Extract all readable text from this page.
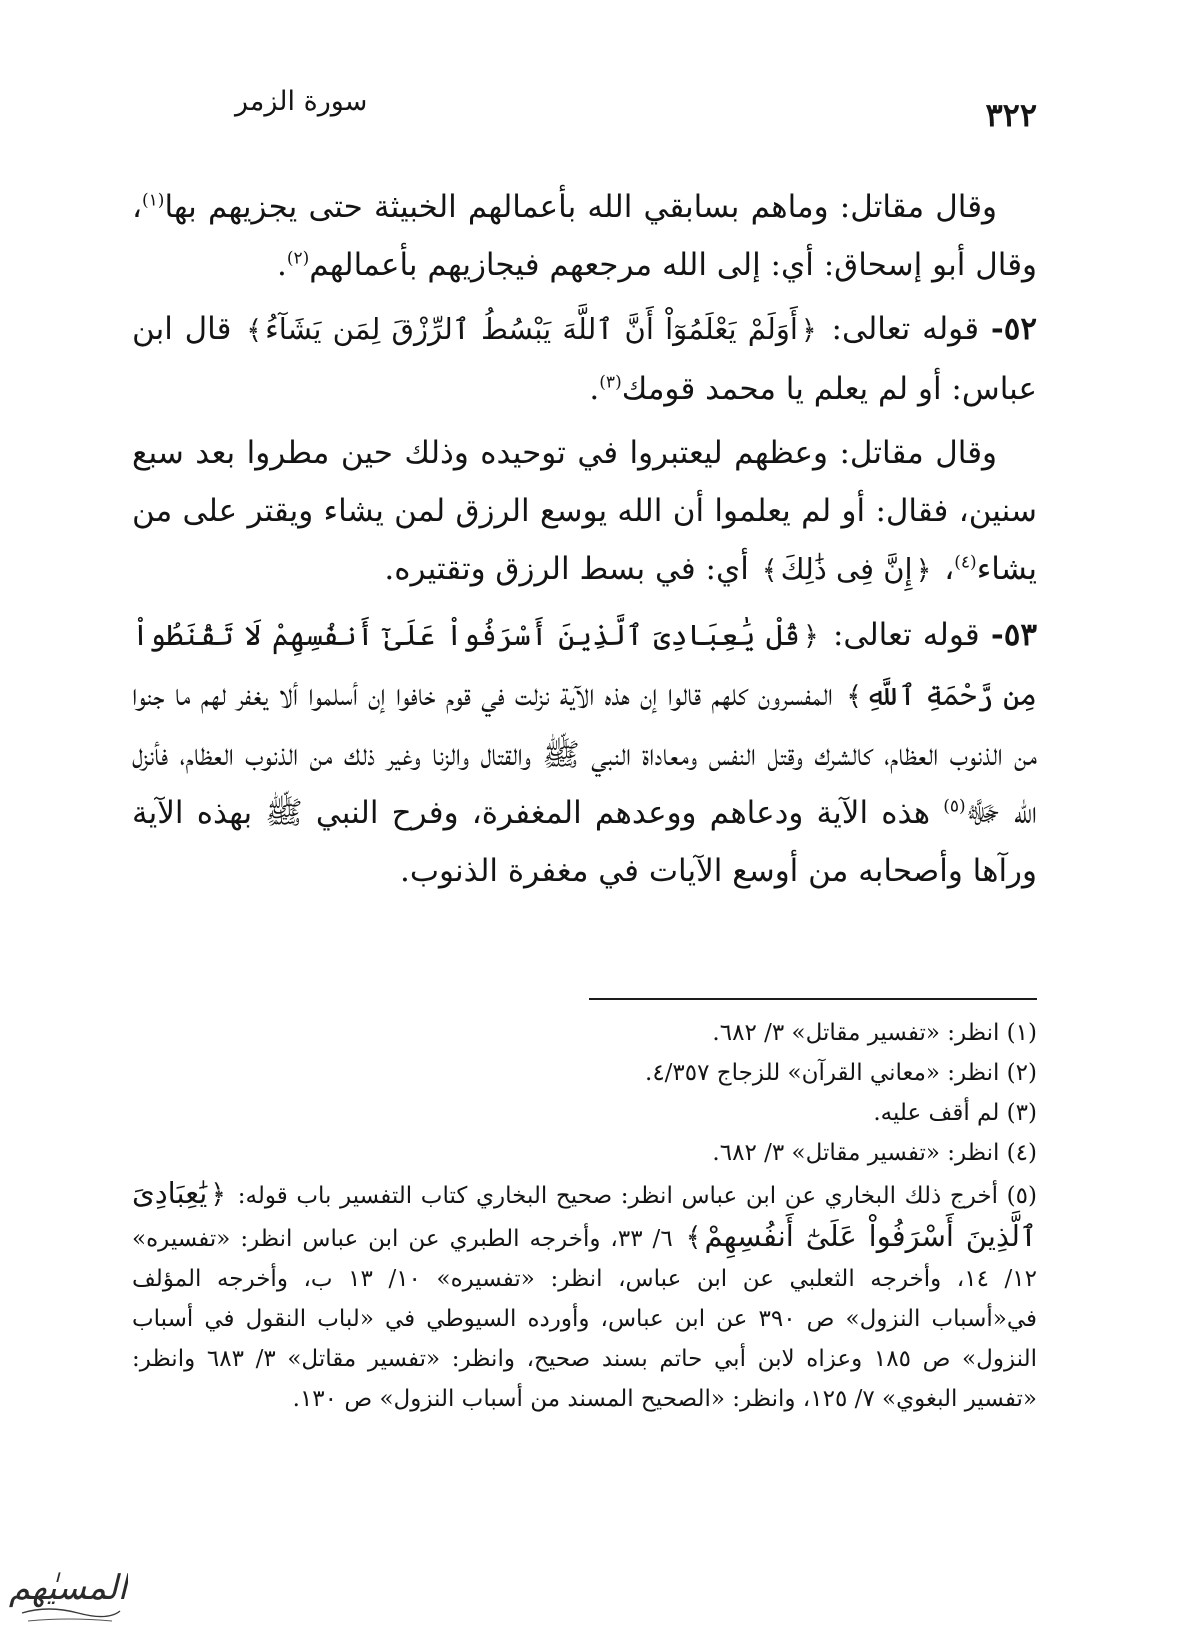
سورة الزمر	٣٢٢

وقال مقاتل: وماهم بسابقي الله بأعمالهم الخبيثة حتى يجزيهم بها$^{(١)}$، وقال أبو إسحاق: أي: إلى الله مرجعهم فيجازيهم بأعمالهم$^{(٢)}$.

٥٢- قوله تعالى: ﴿أَوَلَمْ يَعْلَمُوٓاْ أَنَّ ٱللَّهَ يَبْسُطُ ٱلرِّزْقَ لِمَن يَشَآءُ﴾ قال ابن عباس: أو لم يعلم يا محمد قومك$^{(٣)}$.

وقال مقاتل: وعظهم ليعتبروا في توحيده وذلك حين مطروا بعد سبع سنين، فقال: أو لم يعلموا أن الله يوسع الرزق لمن يشاء ويقتر على من يشاء$^{(٤)}$، ﴿إِنَّ فِى ذَٰلِكَ﴾ أي: في بسط الرزق وتقتيره.

٥٣- قوله تعالى: ﴿قُلْ يَٰعِبَادِىَ ٱلَّذِينَ أَسْرَفُواْ عَلَىٰٓ أَنفُسِهِمْ لَا تَقْنَطُواْ مِن رَّحْمَةِ ٱللَّهِ﴾ المفسرون كلهم قالوا إن هذه الآية نزلت في قوم خافوا إن أسلموا ألا يغفر لهم ما جنوا من الذنوب العظام، كالشرك وقتل النفس ومعاداة النبي ﷺ والقتال والزنا وغير ذلك من الذنوب العظام، فأنزل الله ﷻ$^{(٥)}$ هذه الآية ودعاهم ووعدهم المغفرة، وفرح النبي ﷺ بهذه الآية ورآها وأصحابه من أوسع الآيات في مغفرة الذنوب.

(١) انظر: «تفسير مقاتل» ٣/ ٦٨٢.

(٢) انظر: «معاني القرآن» للزجاج ٤/٣٥٧.

(٣) لم أقف عليه.

(٤) انظر: «تفسير مقاتل» ٣/ ٦٨٢.

(٥) أخرج ذلك البخاري عن ابن عباس انظر: صحيح البخاري كتاب التفسير باب قوله: ﴿يَٰعِبَادِىَ ٱلَّذِينَ أَسْرَفُواْ عَلَىٰٓ أَنفُسِهِمْ﴾ ٦/ ٣٣، وأخرجه الطبري عن ابن عباس انظر: «تفسيره» ١٢/ ١٤، وأخرجه الثعلبي عن ابن عباس، انظر: «تفسيره» ١٠/ ١٣ ب، وأخرجه المؤلف في«أسباب النزول» ص ٣٩٠ عن ابن عباس، وأورده السيوطي في «لباب النقول في أسباب النزول» ص ١٨٥ وعزاه لابن أبي حاتم بسند صحيح، وانظر: «تفسير مقاتل» ٣/ ٦٨٣ وانظر: «تفسير البغوي» ٧/ ١٢٥، وانظر: «الصحيح المسند من أسباب النزول» ص ١٣٠.

المسيٰهم
